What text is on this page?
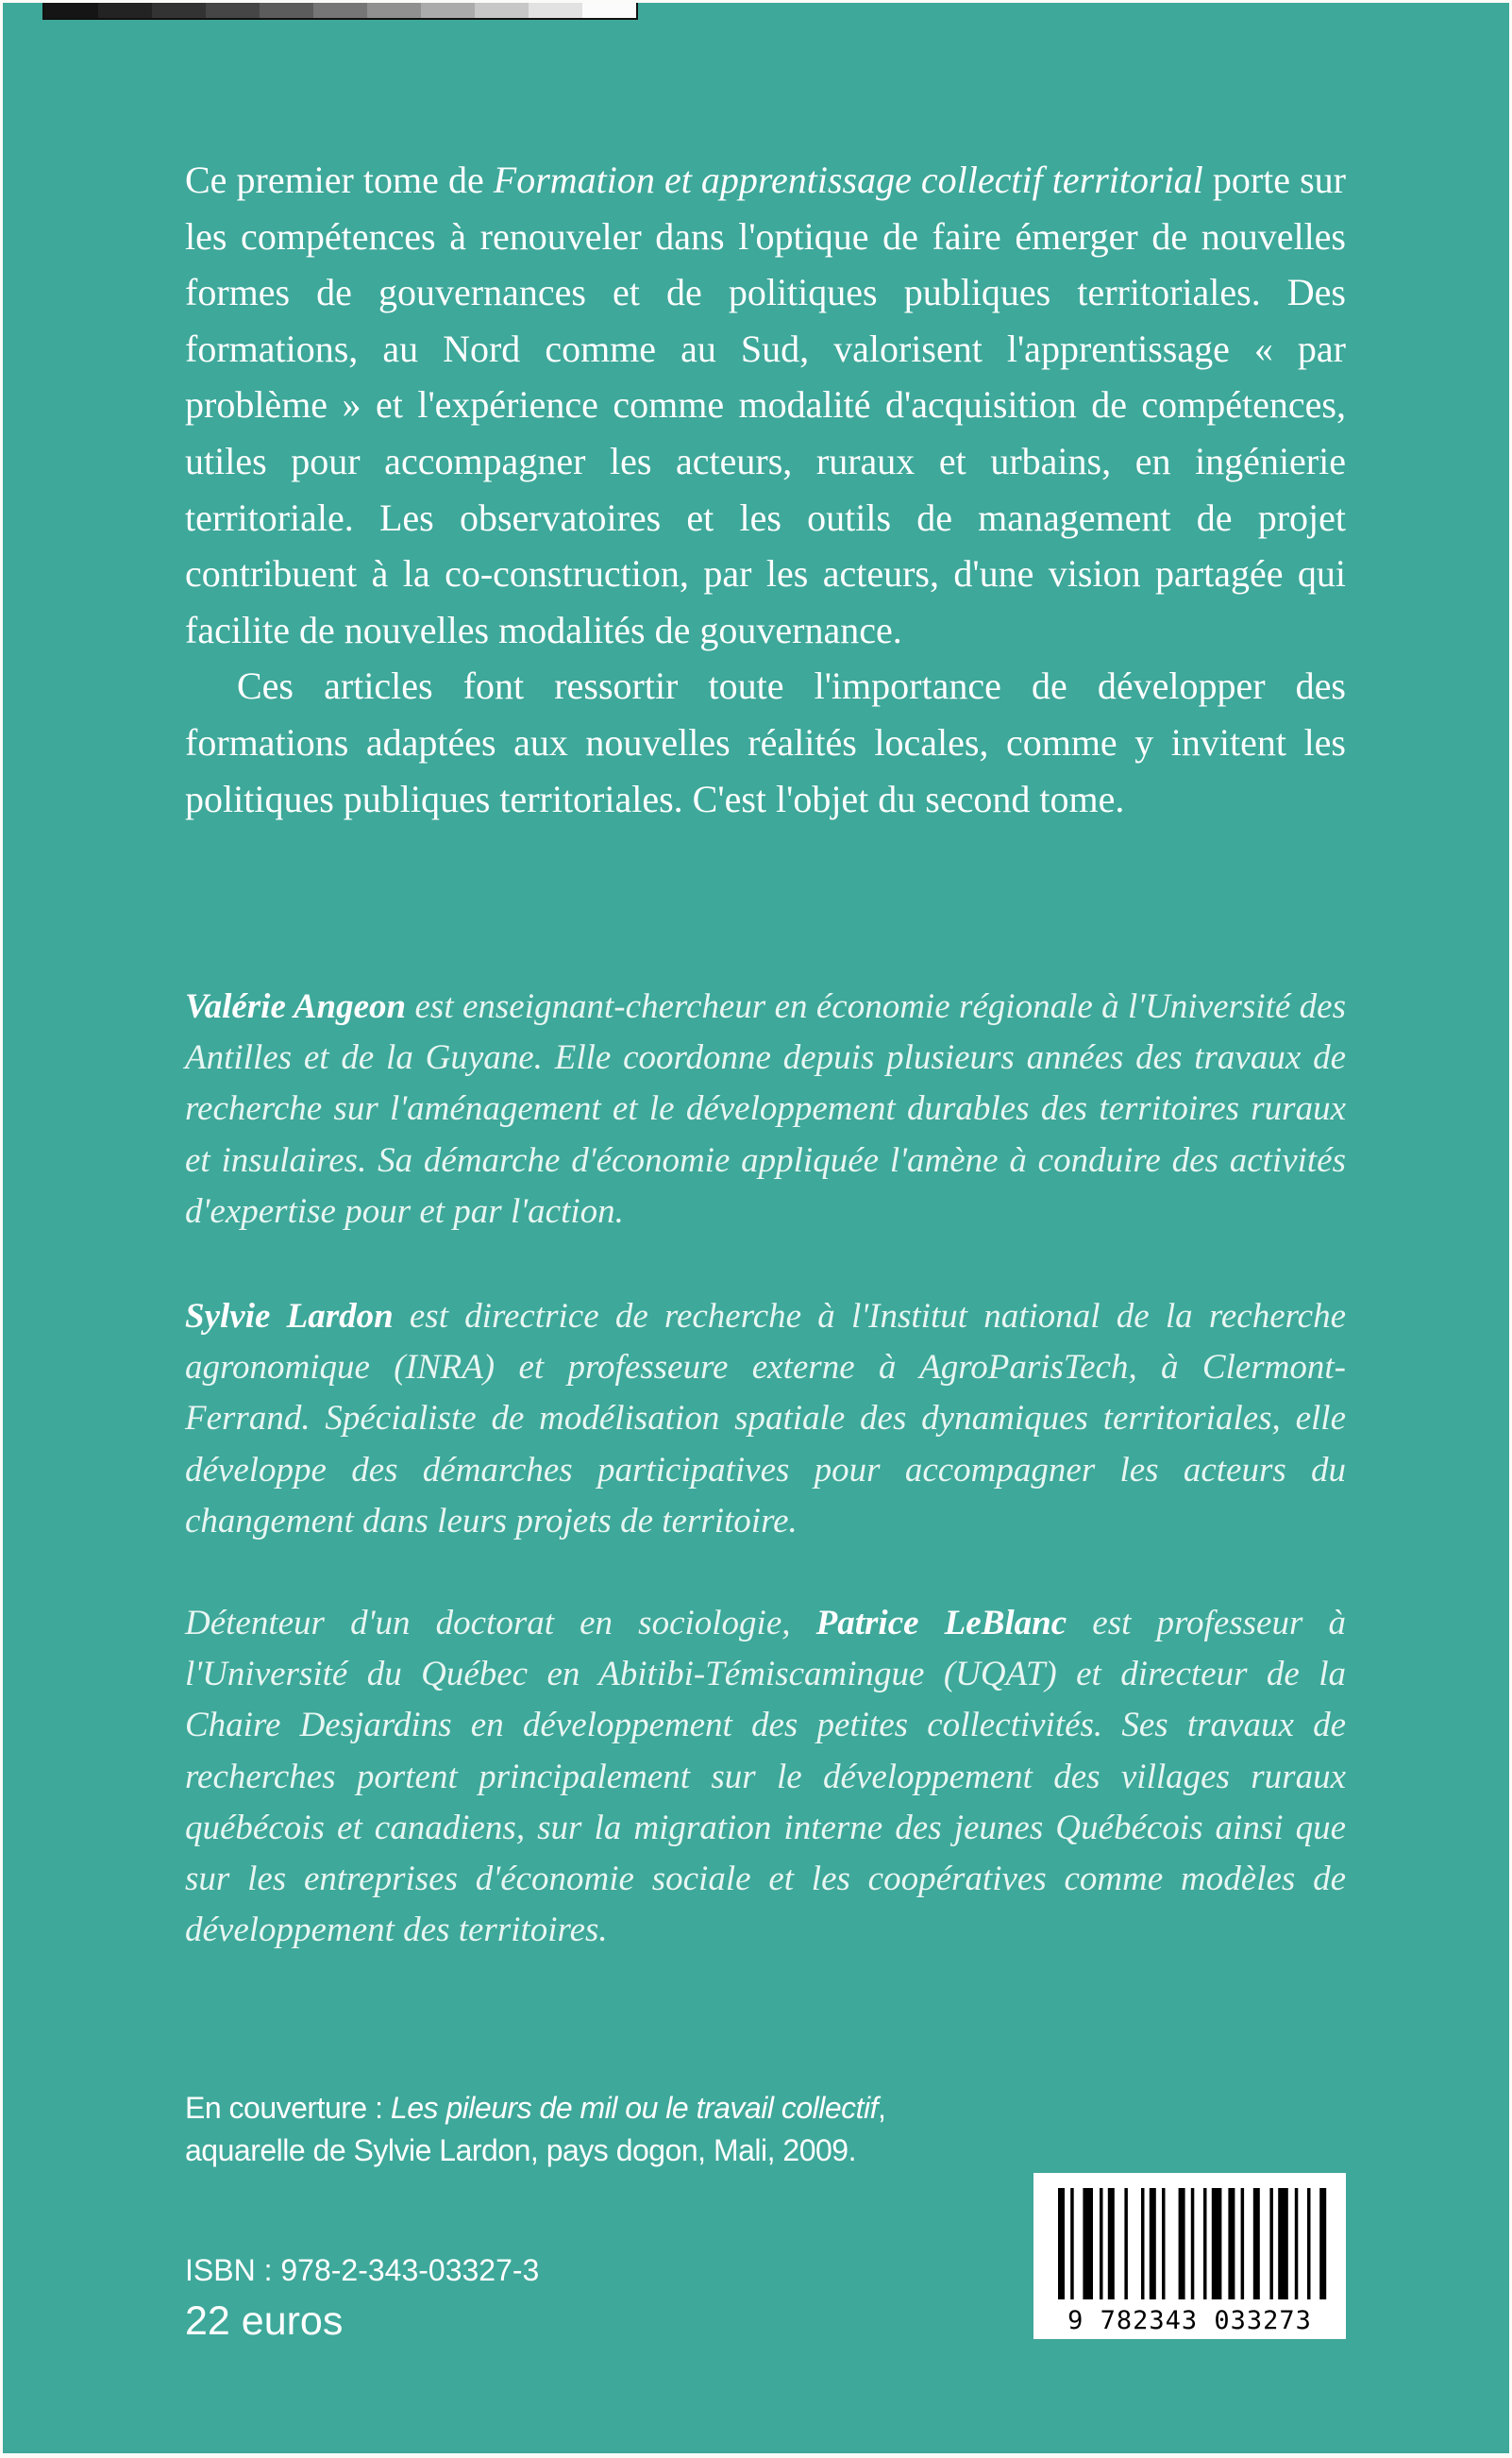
Ce premier tome de Formation et apprentissage collectif territorial porte sur les compétences à renouveler dans l'optique de faire émerger de nouvelles formes de gouvernances et de politiques publiques territoriales. Des formations, au Nord comme au Sud, valorisent l'apprentissage « par problème » et l'expérience comme modalité d'acquisition de compétences, utiles pour accompagner les acteurs, ruraux et urbains, en ingénierie territoriale. Les observatoires et les outils de management de projet contribuent à la co-construction, par les acteurs, d'une vision partagée qui facilite de nouvelles modalités de gouvernance.

Ces articles font ressortir toute l'importance de développer des formations adaptées aux nouvelles réalités locales, comme y invitent les politiques publiques territoriales. C'est l'objet du second tome.

Valérie Angeon est enseignant-chercheur en économie régionale à l'Université des Antilles et de la Guyane. Elle coordonne depuis plusieurs années des travaux de recherche sur l'aménagement et le développement durables des territoires ruraux et insulaires. Sa démarche d'économie appliquée l'amène à conduire des activités d'expertise pour et par l'action.

Sylvie Lardon est directrice de recherche à l'Institut national de la recherche agronomique (INRA) et professeure externe à AgroParisTech, à Clermont-Ferrand. Spécialiste de modélisation spatiale des dynamiques territoriales, elle développe des démarches participatives pour accompagner les acteurs du changement dans leurs projets de territoire.

Détenteur d'un doctorat en sociologie, Patrice LeBlanc est professeur à l'Université du Québec en Abitibi-Témiscamingue (UQAT) et directeur de la Chaire Desjardins en développement des petites collectivités. Ses travaux de recherches portent principalement sur le développement des villages ruraux québécois et canadiens, sur la migration interne des jeunes Québécois ainsi que sur les entreprises d'économie sociale et les coopératives comme modèles de développement des territoires.

En couverture : Les pileurs de mil ou le travail collectif,
aquarelle de Sylvie Lardon, pays dogon, Mali, 2009.
ISBN : 978-2-343-03327-3
22 euros	9 782343 033273
